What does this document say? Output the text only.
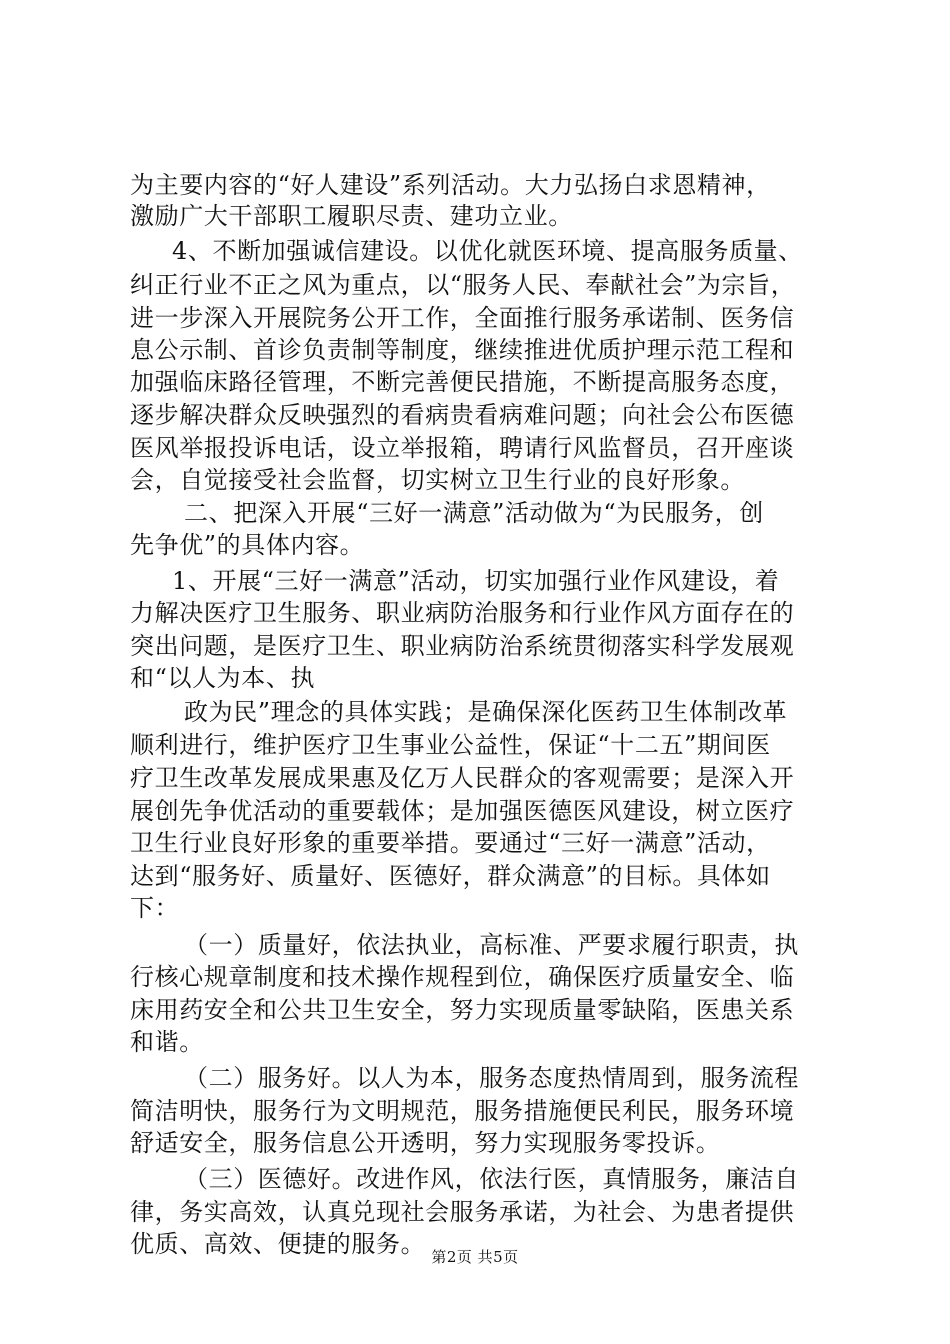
为主要内容的“好人建设”系列活动。大力弘扬白求恩精神，
激励广大干部职工履职尽责、建功立业。
4、不断加强诚信建设。以优化就医环境、提高服务质量、
纠正行业不正之风为重点，以“服务人民、奉献社会”为宗旨，
进一步深入开展院务公开工作，全面推行服务承诺制、医务信
息公示制、首诊负责制等制度，继续推进优质护理示范工程和
加强临床路径管理，不断完善便民措施，不断提高服务态度，
逐步解决群众反映强烈的看病贵看病难问题；向社会公布医德
医风举报投诉电话，设立举报箱，聘请行风监督员，召开座谈
会，自觉接受社会监督，切实树立卫生行业的良好形象。
二、把深入开展“三好一满意”活动做为“为民服务，创
先争优”的具体内容。
1、开展“三好一满意”活动，切实加强行业作风建设，着
力解决医疗卫生服务、职业病防治服务和行业作风方面存在的
突出问题，是医疗卫生、职业病防治系统贯彻落实科学发展观
和“以人为本、执
政为民”理念的具体实践；是确保深化医药卫生体制改革
顺利进行，维护医疗卫生事业公益性，保证“十二五”期间医
疗卫生改革发展成果惠及亿万人民群众的客观需要；是深入开
展创先争优活动的重要载体；是加强医德医风建设，树立医疗
卫生行业良好形象的重要举措。要通过“三好一满意”活动，
达到“服务好、质量好、医德好，群众满意”的目标。具体如
下：
（一）质量好，依法执业，高标准、严要求履行职责，执
行核心规章制度和技术操作规程到位，确保医疗质量安全、临
床用药安全和公共卫生安全，努力实现质量零缺陷，医患关系
和谐。
（二）服务好。以人为本，服务态度热情周到，服务流程
简洁明快，服务行为文明规范，服务措施便民利民，服务环境
舒适安全，服务信息公开透明，努力实现服务零投诉。
（三）医德好。改进作风，依法行医，真情服务，廉洁自
律，务实高效，认真兑现社会服务承诺，为社会、为患者提供
优质、高效、便捷的服务。 第2页 共5页
